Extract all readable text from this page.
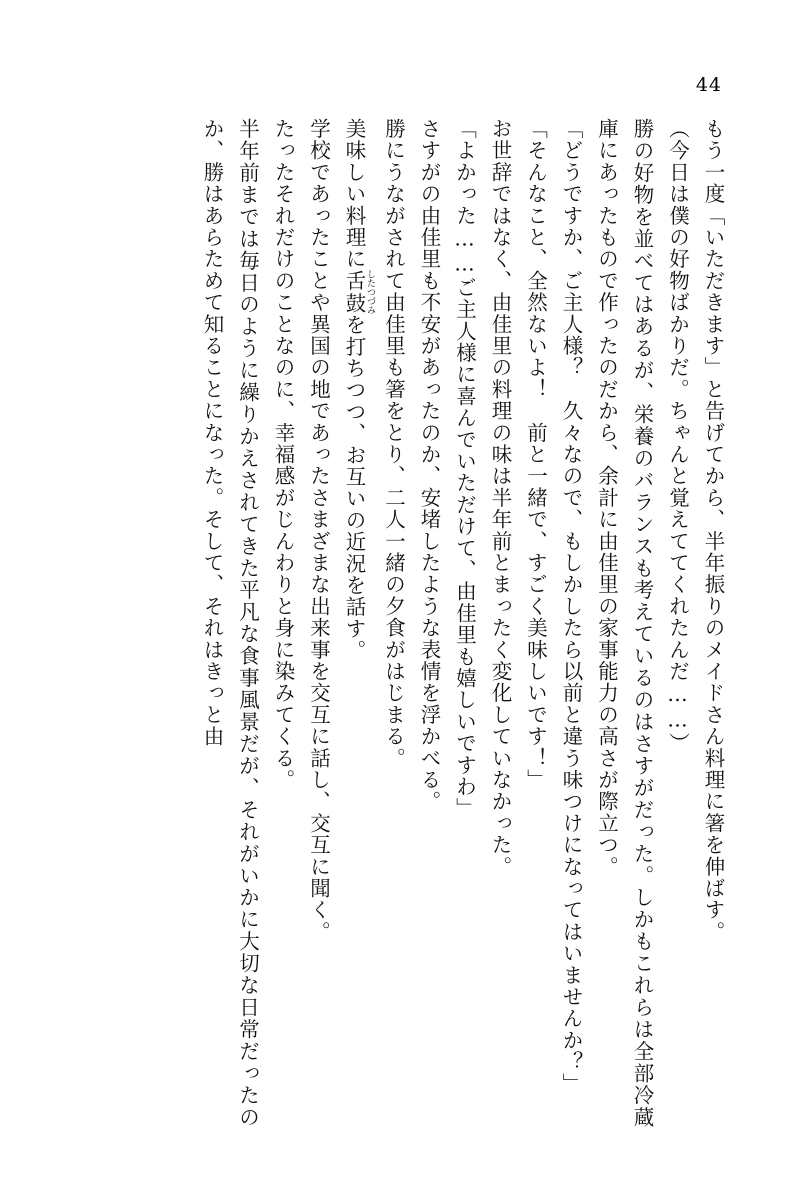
44

もう一度「いただきます」と告げてから、半年振りのメイドさん料理に箸を伸ばす。

（今日は僕の好物ばかりだ。ちゃんと覚えててくれたんだ……）

勝の好物を並べてはあるが、栄養のバランスも考えているのはさすがだった。しかもこれらは全部冷蔵庫にあったもので作ったのだから、余計に由佳里の家事能力の高さが際立つ。

「どうですか、ご主人様？　久々なので、もしかしたら以前と違う味つけになってはいませんか？」

「そんなこと、全然ないよ！　前と一緒で、すごく美味しいです！」

お世辞ではなく、由佳里の料理の味は半年前とまったく変化していなかった。

「よかった……ご主人様に喜んでいただけて、由佳里も嬉しいですわ」

さすがの由佳里も不安があったのか、安堵したような表情を浮かべる。

勝にうながされて由佳里も箸をとり、二人一緒の夕食がはじまる。

美味しい料理に舌鼓 したつづみを打ちつつ、お互いの近況を話す。

学校であったことや異国の地であったさまざまな出来事を交互に話し、交互に聞く。

たったそれだけのことなのに、幸福感がじんわりと身に染みてくる。

半年前までは毎日のように繰りかえされてきた平凡な食事風景だが、それがいかに大切な日常だったのか、勝はあらためて知ることになった。そして、それはきっと由
